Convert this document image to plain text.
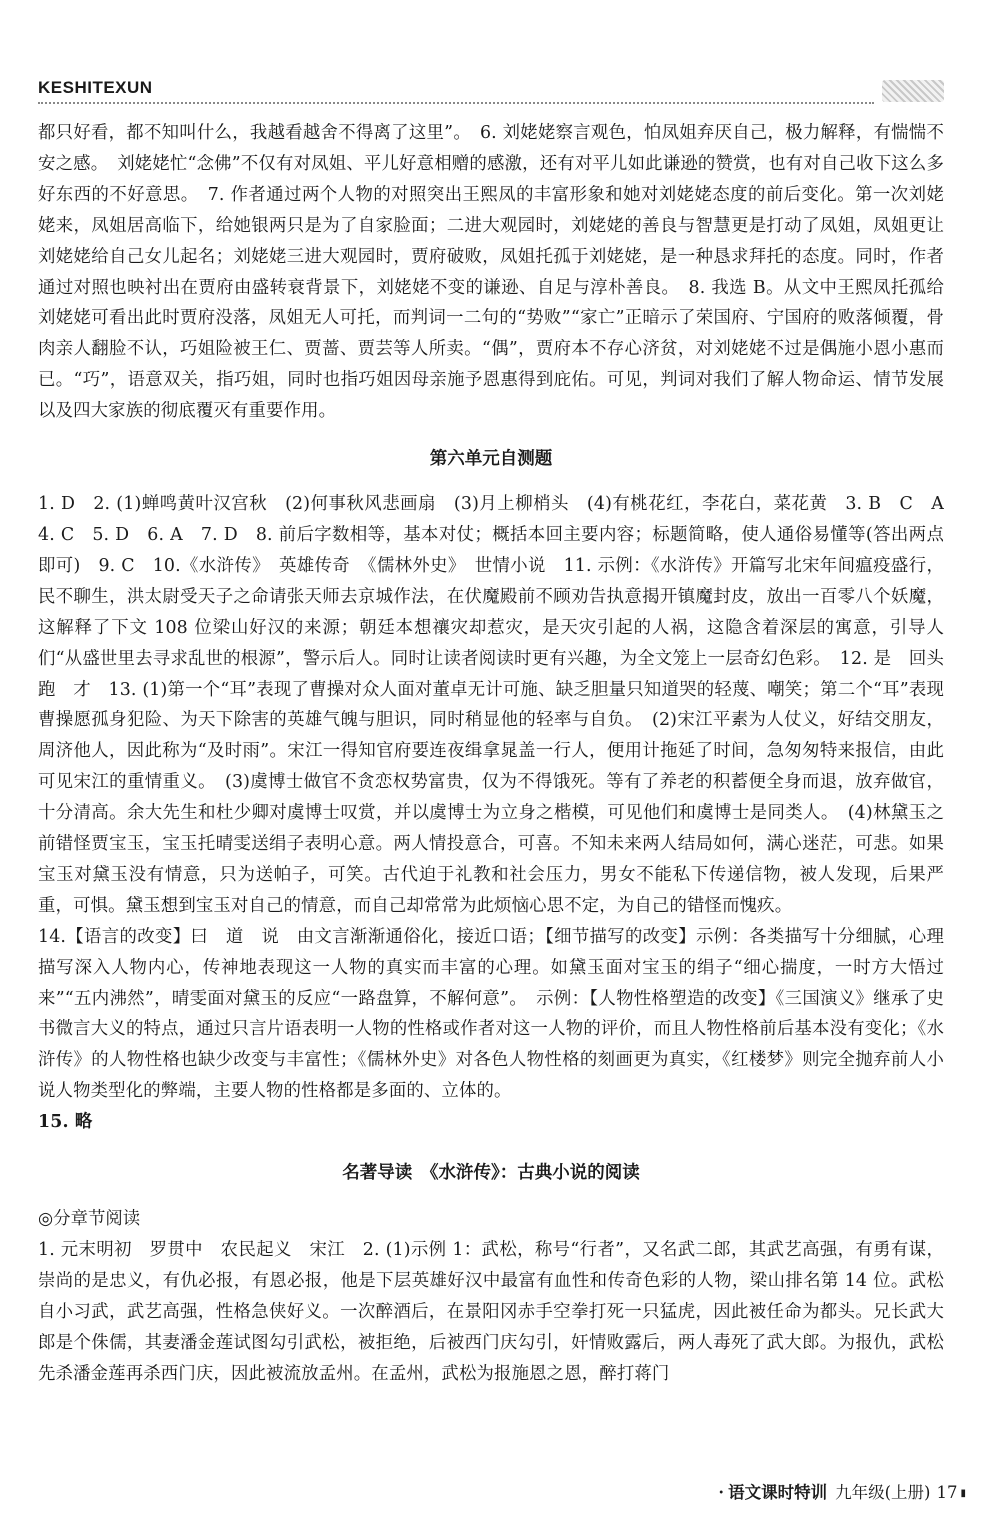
KESHITEXUN

都只好看，都不知叫什么，我越看越舍不得离了这里”。　6. 刘姥姥察言观色，怕凤姐弃厌自己，极力解释，有惴惴不安之感。　刘姥姥忙“念佛”不仅有对凤姐、平儿好意相赠的感激，还有对平儿如此谦逊的赞赏，也有对自己收下这么多好东西的不好意思。　7. 作者通过两个人物的对照突出王熙凤的丰富形象和她对刘姥姥态度的前后变化。第一次刘姥姥来，凤姐居高临下，给她银两只是为了自家脸面；二进大观园时，刘姥姥的善良与智慧更是打动了凤姐，凤姐更让刘姥姥给自己女儿起名；刘姥姥三进大观园时，贾府破败，凤姐托孤于刘姥姥，是一种恳求拜托的态度。同时，作者通过对照也映衬出在贾府由盛转衰背景下，刘姥姥不变的谦逊、自足与淳朴善良。　8. 我选 B。从文中王熙凤托孤给刘姥姥可看出此时贾府没落，凤姐无人可托，而判词一二句的“势败”“家亡”正暗示了荣国府、宁国府的败落倾覆，骨肉亲人翻脸不认，巧姐险被王仁、贾蔷、贾芸等人所卖。“偶”，贾府本不存心济贫，对刘姥姥不过是偶施小恩小惠而已。“巧”，语意双关，指巧姐，同时也指巧姐因母亲施予恩惠得到庇佑。可见，判词对我们了解人物命运、情节发展以及四大家族的彻底覆灭有重要作用。

第六单元自测题

1. D　2. (1)蝉鸣黄叶汉宫秋　(2)何事秋风悲画扇　(3)月上柳梢头　(4)有桃花红，李花白，菜花黄　3. B　C　A　4. C　5. D　6. A　7. D　8. 前后字数相等，基本对仗；概括本回主要内容；标题简略，使人通俗易懂等(答出两点即可)　9. C　10.《水浒传》　英雄传奇　《儒林外史》　世情小说　11. 示例：《水浒传》开篇写北宋年间瘟疫盛行，民不聊生，洪太尉受天子之命请张天师去京城作法，在伏魔殿前不顾劝告执意揭开镇魔封皮，放出一百零八个妖魔，这解释了下文 108 位梁山好汉的来源；朝廷本想禳灾却惹灾，是天灾引起的人祸，这隐含着深层的寓意，引导人们“从盛世里去寻求乱世的根源”，警示后人。同时让读者阅读时更有兴趣，为全文笼上一层奇幻色彩。　12. 是　回头　跑　才　13. (1)第一个“耳”表现了曹操对众人面对董卓无计可施、缺乏胆量只知道哭的轻蔑、嘲笑；第二个“耳”表现曹操愿孤身犯险、为天下除害的英雄气魄与胆识，同时稍显他的轻率与自负。　(2)宋江平素为人仗义，好结交朋友，周济他人，因此称为“及时雨”。宋江一得知官府要连夜缉拿晁盖一行人，便用计拖延了时间，急匆匆特来报信，由此可见宋江的重情重义。　(3)虞博士做官不贪恋权势富贵，仅为不得饿死。等有了养老的积蓄便全身而退，放弃做官，十分清高。余大先生和杜少卿对虞博士叹赏，并以虞博士为立身之楷模，可见他们和虞博士是同类人。　(4)林黛玉之前错怪贾宝玉，宝玉托晴雯送绢子表明心意。两人情投意合，可喜。不知未来两人结局如何，满心迷茫，可悲。如果宝玉对黛玉没有情意，只为送帕子，可笑。古代迫于礼教和社会压力，男女不能私下传递信物，被人发现，后果严重，可惧。黛玉想到宝玉对自己的情意，而自己却常常为此烦恼心思不定，为自己的错怪而愧疚。

14.【语言的改变】曰　道　说　由文言渐渐通俗化，接近口语；【细节描写的改变】示例：各类描写十分细腻，心理描写深入人物内心，传神地表现这一人物的真实而丰富的心理。如黛玉面对宝玉的绢子“细心揣度，一时方大悟过来”“五内沸然”，晴雯面对黛玉的反应“一路盘算，不解何意”。　示例：【人物性格塑造的改变】《三国演义》继承了史书微言大义的特点，通过只言片语表明一人物的性格或作者对这一人物的评价，而且人物性格前后基本没有变化；《水浒传》的人物性格也缺少改变与丰富性；《儒林外史》对各色人物性格的刻画更为真实，《红楼梦》则完全抛弃前人小说人物类型化的弊端，主要人物的性格都是多面的、立体的。

15. 略

名著导读　《水浒传》：古典小说的阅读

◎分章节阅读

1. 元末明初　罗贯中　农民起义　宋江　2. (1)示例 1：武松，称号“行者”，又名武二郎，其武艺高强，有勇有谋，崇尚的是忠义，有仇必报，有恩必报，他是下层英雄好汉中最富有血性和传奇色彩的人物，梁山排名第 14 位。武松自小习武，武艺高强，性格急侠好义。一次醉酒后，在景阳冈赤手空拳打死一只猛虎，因此被任命为都头。兄长武大郎是个侏儒，其妻潘金莲试图勾引武松，被拒绝，后被西门庆勾引，奸情败露后，两人毒死了武大郎。为报仇，武松先杀潘金莲再杀西门庆，因此被流放孟州。在孟州，武松为报施恩之恩，醉打蒋门

• 语文课时特训 九年级(上册) 17 ▮
